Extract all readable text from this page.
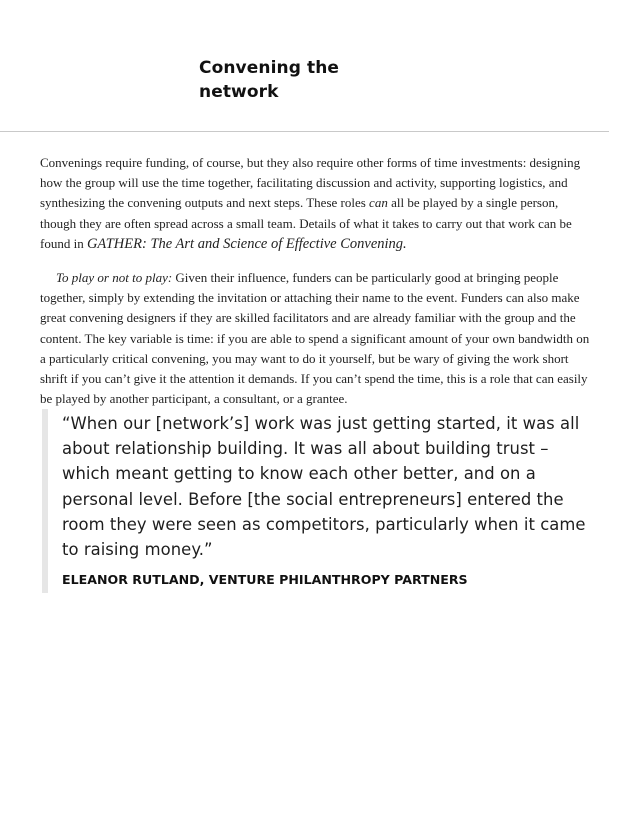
Convening the
network

Convenings require funding, of course, but they also require other forms of time investments: designing how the group will use the time together, facilitating discussion and activity, supporting logistics, and synthesizing the convening outputs and next steps. These roles can all be played by a single person, though they are often spread across a small team. Details of what it takes to carry out that work can be found in GATHER: The Art and Science of Effective Convening.

To play or not to play: Given their influence, funders can be particularly good at bringing people together, simply by extending the invitation or attaching their name to the event. Funders can also make great convening designers if they are skilled facilitators and are already familiar with the group and the content. The key variable is time: if you are able to spend a significant amount of your own bandwidth on a particularly critical convening, you may want to do it yourself, but be wary of giving the work short shrift if you can’t give it the attention it demands. If you can’t spend the time, this is a role that can easily be played by another participant, a consultant, or a grantee.

“When our [network’s] work was just getting started, it was all
about relationship building. It was all about building trust –
which meant getting to know each other better, and on a
personal level. Before [the social entrepreneurs] entered the
room they were seen as competitors, particularly when it came
to raising money.”
ELEANOR RUTLAND, VENTURE PHILANTHROPY PARTNERS
